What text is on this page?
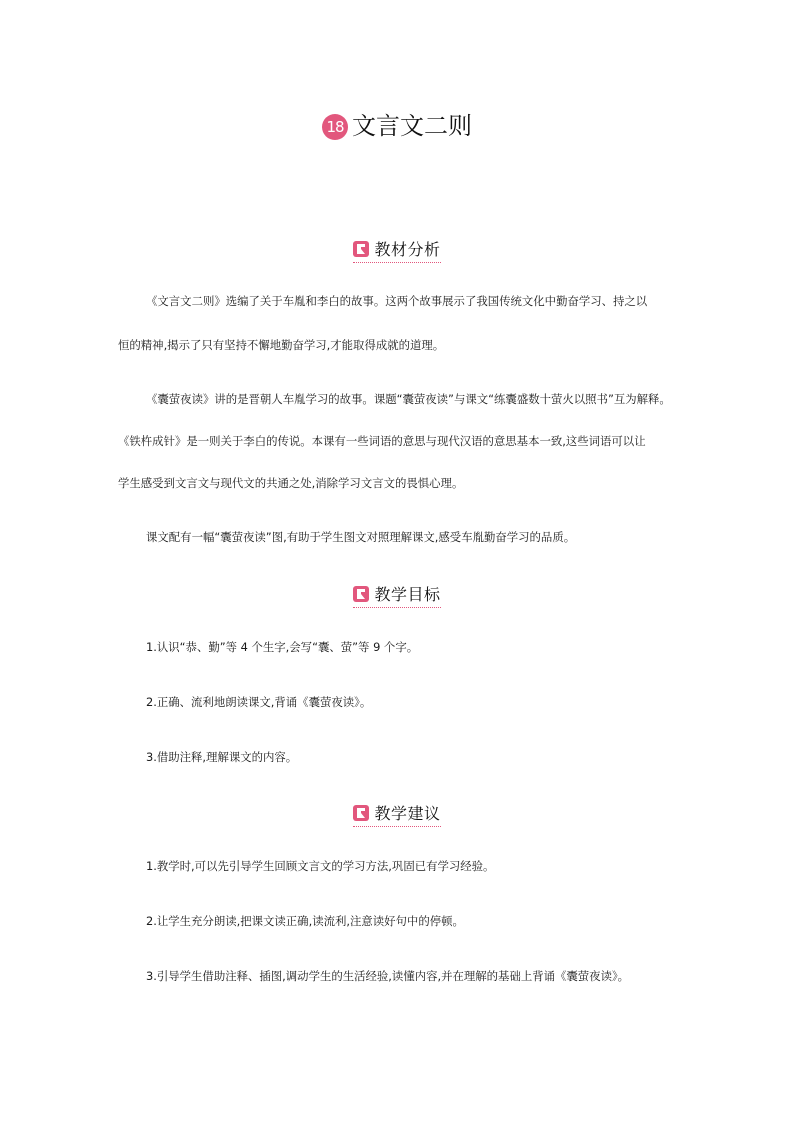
18 文言文二则
教材分析
《文言文二则》选编了关于车胤和李白的故事。这两个故事展示了我国传统文化中勤奋学习、持之以
恒的精神,揭示了只有坚持不懈地勤奋学习,才能取得成就的道理。
《囊萤夜读》讲的是晋朝人车胤学习的故事。课题“囊萤夜读”与课文“练囊盛数十萤火以照书”互为解释。
《铁杵成针》是一则关于李白的传说。本课有一些词语的意思与现代汉语的意思基本一致,这些词语可以让
学生感受到文言文与现代文的共通之处,消除学习文言文的畏惧心理。
课文配有一幅“囊萤夜读”图,有助于学生图文对照理解课文,感受车胤勤奋学习的品质。
教学目标
1.认识“恭、勤”等 4 个生字,会写“囊、萤”等 9 个字。
2.正确、流利地朗读课文,背诵《囊萤夜读》。
3.借助注释,理解课文的内容。
教学建议
1.教学时,可以先引导学生回顾文言文的学习方法,巩固已有学习经验。
2.让学生充分朗读,把课文读正确,读流利,注意读好句中的停顿。
3.引导学生借助注释、插图,调动学生的生活经验,读懂内容,并在理解的基础上背诵《囊萤夜读》。
